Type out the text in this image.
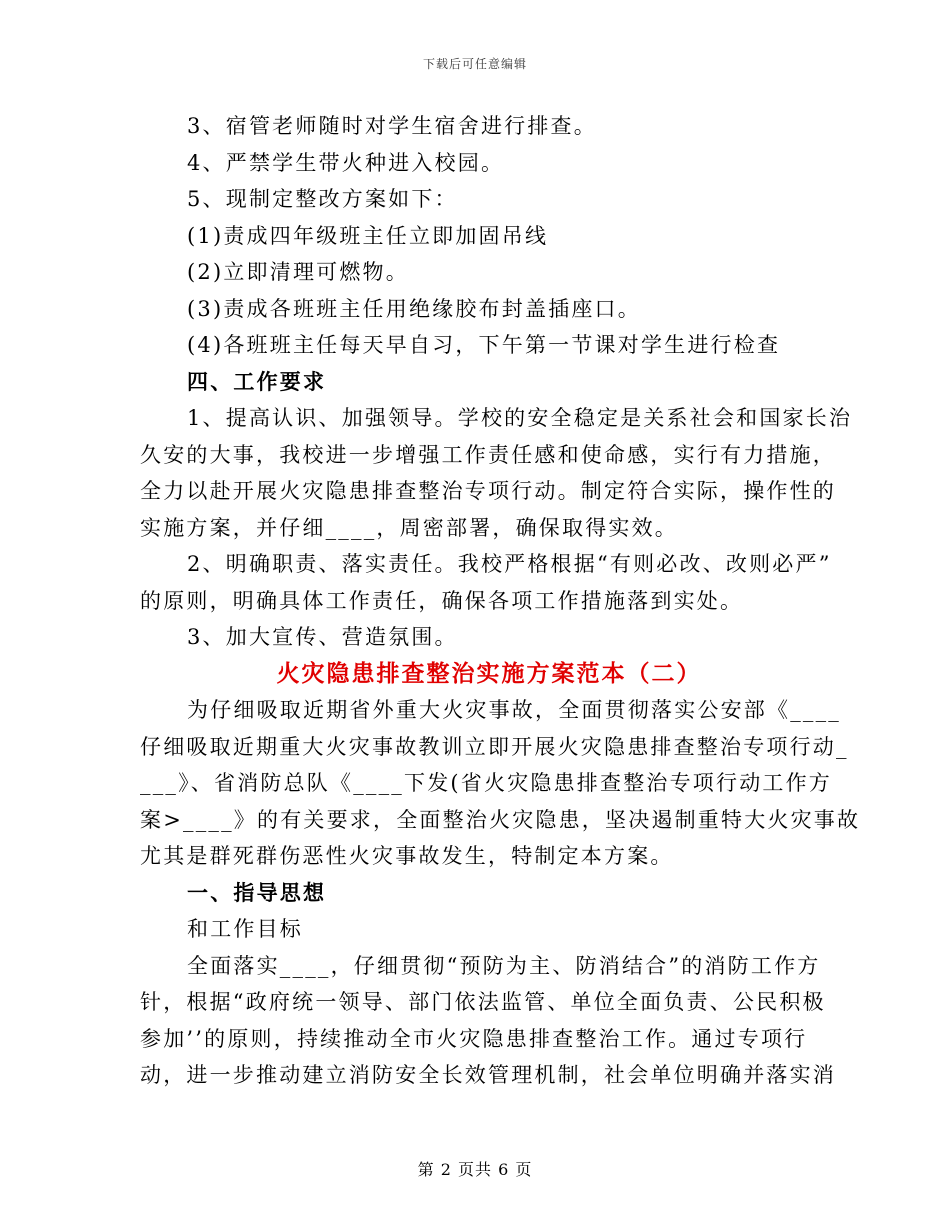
下载后可任意编辑
3、宿管老师随时对学生宿舍进行排查。
4、严禁学生带火种进入校园。
5、现制定整改方案如下：
(1)责成四年级班主任立即加固吊线
(2)立即清理可燃物。
(3)责成各班班主任用绝缘胶布封盖插座口。
(4)各班班主任每天早自习，下午第一节课对学生进行检查
四、工作要求
1、提高认识、加强领导。学校的安全稳定是关系社会和国家长治
久安的大事，我校进一步增强工作责任感和使命感，实行有力措施，
全力以赴开展火灾隐患排查整治专项行动。制定符合实际，操作性的
实施方案，并仔细____，周密部署，确保取得实效。
2、明确职责、落实责任。我校严格根据“有则必改、改则必严”
的原则，明确具体工作责任，确保各项工作措施落到实处。
3、加大宣传、营造氛围。
火灾隐患排查整治实施方案范本（二）
为仔细吸取近期省外重大火灾事故，全面贯彻落实公安部《____
仔细吸取近期重大火灾事故教训立即开展火灾隐患排查整治专项行动_
___》、省消防总队《____下发(省火灾隐患排查整治专项行动工作方
案>____》的有关要求，全面整治火灾隐患，坚决遏制重特大火灾事故
尤其是群死群伤恶性火灾事故发生，特制定本方案。
一、指导思想
和工作目标
全面落实____，仔细贯彻“预防为主、防消结合”的消防工作方
针，根据“政府统一领导、部门依法监管、单位全面负责、公民积极
参加’’的原则，持续推动全市火灾隐患排查整治工作。通过专项行
动，进一步推动建立消防安全长效管理机制，社会单位明确并落实消
第 2 页共 6 页
